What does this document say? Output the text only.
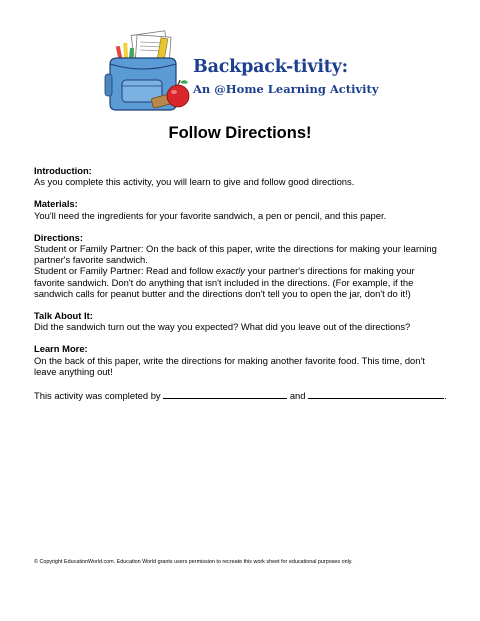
Backpack-tivity:
An @Home Learning Activity
Follow Directions!
Introduction:

As you complete this activity, you will learn to give and follow good directions.

Materials:

You'll need the ingredients for your favorite sandwich, a pen or pencil, and this paper.

Directions:

Student or Family Partner: On the back of this paper, write the directions for making your learning partner's favorite sandwich.

Student or Family Partner: Read and follow exactly your partner's directions for making your favorite sandwich. Don't do anything that isn't included in the directions. (For example, if the sandwich calls for peanut butter and the directions don't tell you to open the jar, don't do it!)

Talk About It:

Did the sandwich turn out the way you expected? What did you leave out of the directions?

Learn More:

On the back of this paper, write the directions for making another favorite food. This time, don't leave anything out!

This activity was completed by	and	.
© Copyright EducationWorld.com. Education World grants users permission to recreate this work sheet for educational purposes only.
